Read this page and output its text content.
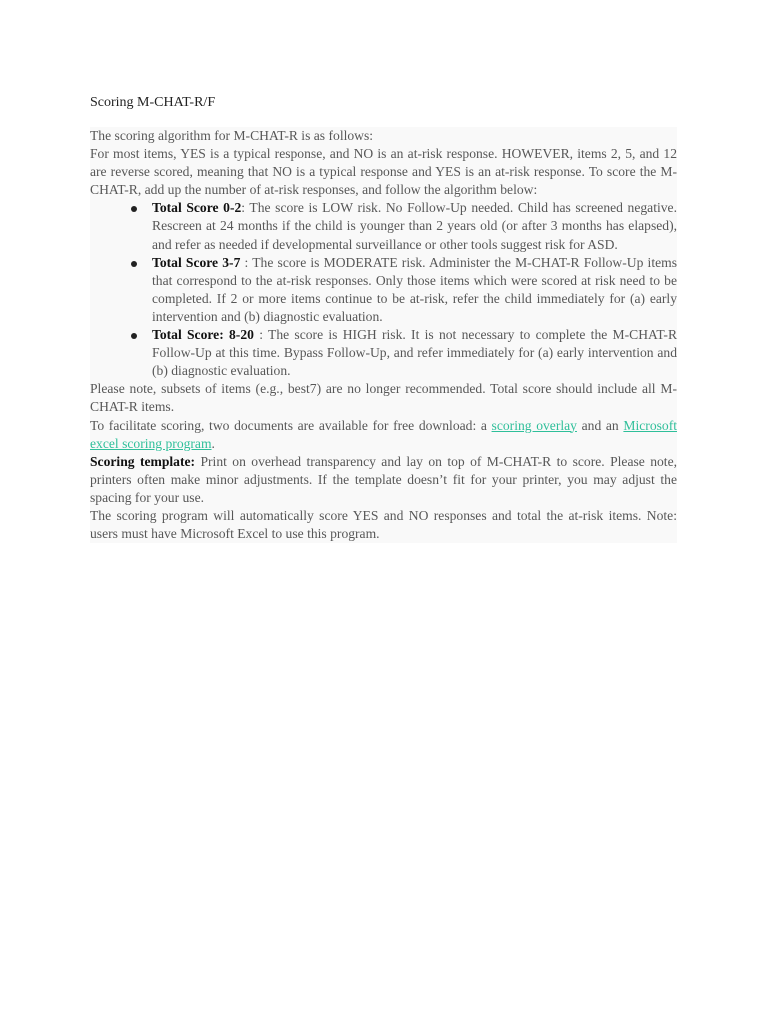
Scoring M-CHAT-R/F

The scoring algorithm for M-CHAT-R is as follows:

For most items, YES is a typical response, and NO is an at-risk response. HOWEVER, items 2, 5, and 12 are reverse scored, meaning that NO is a typical response and YES is an at-risk response. To score the M-CHAT-R, add up the number of at-risk responses, and follow the algorithm below:

Total Score 0-2: The score is LOW risk. No Follow-Up needed. Child has screened negative. Rescreen at 24 months if the child is younger than 2 years old (or after 3 months has elapsed), and refer as needed if developmental surveillance or other tools suggest risk for ASD.
Total Score 3-7 : The score is MODERATE risk. Administer the M-CHAT-R Follow-Up items that correspond to the at-risk responses. Only those items which were scored at risk need to be completed. If 2 or more items continue to be at-risk, refer the child immediately for (a) early intervention and (b) diagnostic evaluation.
Total Score: 8-20 : The score is HIGH risk. It is not necessary to complete the M-CHAT-R Follow-Up at this time. Bypass Follow-Up, and refer immediately for (a) early intervention and (b) diagnostic evaluation.

Please note, subsets of items (e.g., best7) are no longer recommended. Total score should include all M-CHAT-R items.

To facilitate scoring, two documents are available for free download: a scoring overlay and an Microsoft excel scoring program.

Scoring template: Print on overhead transparency and lay on top of M-CHAT-R to score. Please note, printers often make minor adjustments. If the template doesn’t fit for your printer, you may adjust the spacing for your use.

The scoring program will automatically score YES and NO responses and total the at-risk items. Note: users must have Microsoft Excel to use this program.
